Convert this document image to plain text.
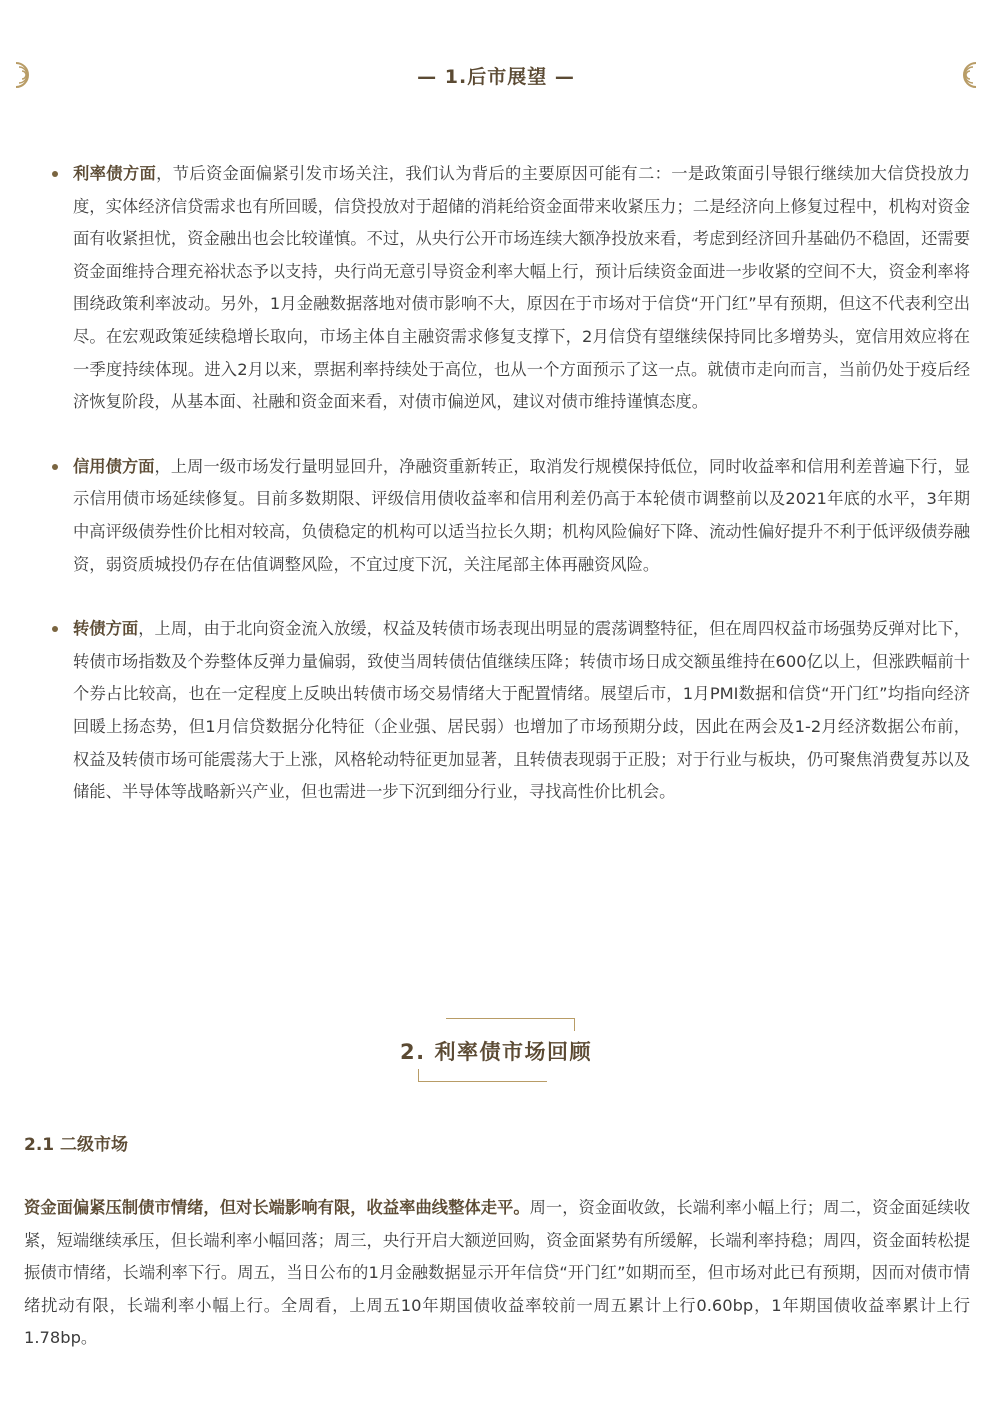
— 1.后市展望 —
利率债方面，节后资金面偏紧引发市场关注，我们认为背后的主要原因可能有二：一是政策面引导银行继续加大信贷投放力度，实体经济信贷需求也有所回暖，信贷投放对于超储的消耗给资金面带来收紧压力；二是经济向上修复过程中，机构对资金面有收紧担忧，资金融出也会比较谨慎。不过，从央行公开市场连续大额净投放来看，考虑到经济回升基础仍不稳固，还需要资金面维持合理充裕状态予以支持，央行尚无意引导资金利率大幅上行，预计后续资金面进一步收紧的空间不大，资金利率将围绕政策利率波动。另外，1月金融数据落地对债市影响不大，原因在于市场对于信贷“开门红”早有预期，但这不代表利空出尽。在宏观政策延续稳增长取向，市场主体自主融资需求修复支撑下，2月信贷有望继续保持同比多增势头，宽信用效应将在一季度持续体现。进入2月以来，票据利率持续处于高位，也从一个方面预示了这一点。就债市走向而言，当前仍处于疫后经济恢复阶段，从基本面、社融和资金面来看，对债市偏逆风，建议对债市维持谨慎态度。
信用债方面，上周一级市场发行量明显回升，净融资重新转正，取消发行规模保持低位，同时收益率和信用利差普遍下行，显示信用债市场延续修复。目前多数期限、评级信用债收益率和信用利差仍高于本轮债市调整前以及2021年底的水平，3年期中高评级债券性价比相对较高，负债稳定的机构可以适当拉长久期；机构风险偏好下降、流动性偏好提升不利于低评级债券融资，弱资质城投仍存在估值调整风险，不宜过度下沉，关注尾部主体再融资风险。
转债方面，上周，由于北向资金流入放缓，权益及转债市场表现出明显的震荡调整特征，但在周四权益市场强势反弹对比下，转债市场指数及个券整体反弹力量偏弱，致使当周转债估值继续压降；转债市场日成交额虽维持在600亿以上，但涨跌幅前十个券占比较高，也在一定程度上反映出转债市场交易情绪大于配置情绪。展望后市，1月PMI数据和信贷“开门红”均指向经济回暖上扬态势，但1月信贷数据分化特征（企业强、居民弱）也增加了市场预期分歧，因此在两会及1-2月经济数据公布前，权益及转债市场可能震荡大于上涨，风格轮动特征更加显著，且转债表现弱于正股；对于行业与板块，仍可聚焦消费复苏以及储能、半导体等战略新兴产业，但也需进一步下沉到细分行业，寻找高性价比机会。
2. 利率债市场回顾
2.1 二级市场

资金面偏紧压制债市情绪，但对长端影响有限，收益率曲线整体走平。周一，资金面收敛，长端利率小幅上行；周二，资金面延续收紧，短端继续承压，但长端利率小幅回落；周三，央行开启大额逆回购，资金面紧势有所缓解，长端利率持稳；周四，资金面转松提振债市情绪，长端利率下行。周五，当日公布的1月金融数据显示开年信贷“开门红”如期而至，但市场对此已有预期，因而对债市情绪扰动有限，长端利率小幅上行。全周看，上周五10年期国债收益率较前一周五累计上行0.60bp，1年期国债收益率累计上行1.78bp。
